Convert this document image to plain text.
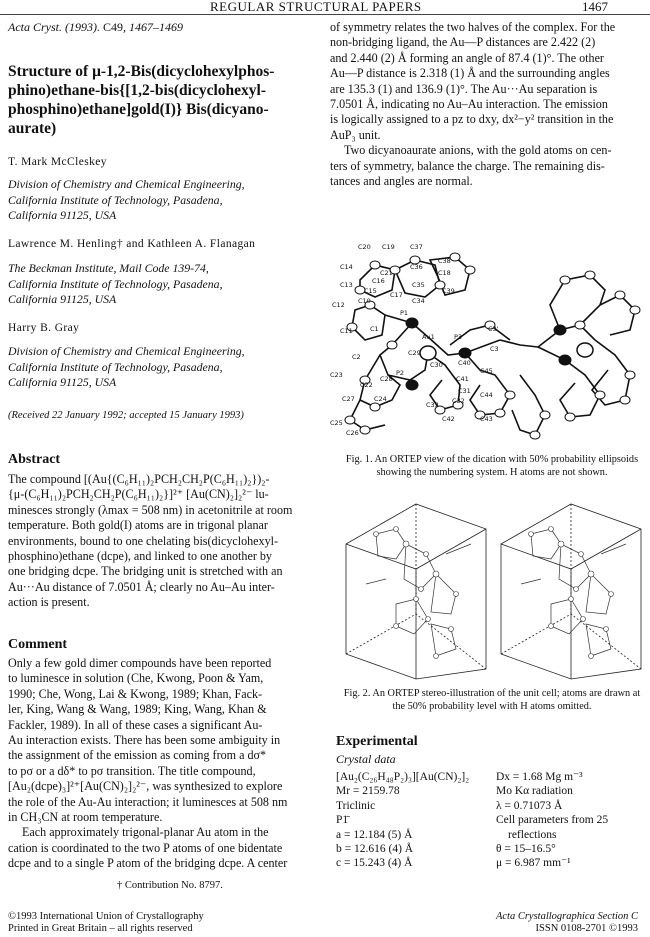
REGULAR STRUCTURAL PAPERS	1467
Acta Cryst. (1993). C49, 1467–1469
Structure of μ-1,2-Bis(dicyclohexylphos-
phino)ethane-bis{[1,2-bis(dicyclohexyl-
phosphino)ethane]gold(I)} Bis(dicyano-
aurate)
T. Mark McCleskey
Division of Chemistry and Chemical Engineering,
California Institute of Technology, Pasadena,
California 91125, USA
Lawrence M. Henling† and Kathleen A. Flanagan
The Beckman Institute, Mail Code 139-74,
California Institute of Technology, Pasadena,
California 91125, USA
Harry B. Gray
Division of Chemistry and Chemical Engineering,
California Institute of Technology, Pasadena,
California 91125, USA
(Received 22 January 1992; accepted 15 January 1993)
Abstract
The compound [(Au{(C₆H₁₁)₂PCH₂CH₂P(C₆H₁₁)₂})₂-
{μ-(C₆H₁₁)₂PCH₂CH₂P(C₆H₁₁)₂}]²⁺ [Au(CN)₂]₂²⁻ lu-
minesces strongly (λmax = 508 nm) in acetonitrile at room
temperature. Both gold(I) atoms are in trigonal planar
environments, bound to one chelating bis(dicyclohexyl-
phosphino)ethane (dcpe), and linked to one another by
one bridging dcpe. The bridging unit is stretched with an
Au···Au distance of 7.0501 Å; clearly no Au–Au inter-
action is present.
Comment
Only a few gold dimer compounds have been reported
to luminesce in solution (Che, Kwong, Poon & Yam,
1990; Che, Wong, Lai & Kwong, 1989; Khan, Fack-
ler, King, Wang & Wang, 1989; King, Wang, Khan &
Fackler, 1989). In all of these cases a significant Au-
Au interaction exists. There has been some ambiguity in
the assignment of the emission as coming from a dσ*
to pσ or a dδ* to pσ transition. The title compound,
[Au₂(dcpe)₃]²⁺[Au(CN)₂]₂²⁻, was synthesized to explore
the role of the Au-Au interaction; it luminesces at 508 nm
in CH₃CN at room temperature.
Each approximately trigonal-planar Au atom in the
cation is coordinated to the two P atoms of one bidentate
dcpe and to a single P atom of the bridging dcpe. A center
of symmetry relates the two halves of the complex. For the
non-bridging ligand, the Au—P distances are 2.422 (2)
and 2.440 (2) Å forming an angle of 87.4 (1)°. The other
Au—P distance is 2.318 (1) Å and the surrounding angles
are 135.3 (1) and 136.9 (1)°. The Au···Au separation is
7.0501 Å, indicating no Au–Au interaction. The emission
is logically assigned to a pz to dxy, dx²−y² transition in the
AuP₃ unit.
Two dicyanoaurate anions, with the gold atoms on cen-
ters of symmetry, balance the charge. The remaining dis-
tances and angles are normal.
C20 C19 C37
C38
C14
C21
C36
C18
C16
C13
C15 C17
C35
C39
C12 C10	C34
P1
C3'
C11	C1
Au1	P3
C3
C2	C29
C30 C40
C23	C28
P2
C41
C45
C22
C31
C24
C27	C32
C33
C44
C25
C26
C42	C43
Fig. 1. An ORTEP view of the dication with 50% probability ellipsoids
showing the numbering system. H atoms are not shown.
Fig. 2. An ORTEP stereo-illustration of the unit cell; atoms are drawn at
the 50% probability level with H atoms omitted.
Experimental
Crystal data
[Au₂(C₂₆H₄₈P₂)₃][Au(CN)₂]₂	Dx = 1.68 Mg m⁻³
Mr = 2159.78	Mo Kα radiation
Triclinic	λ = 0.71073 Å
P1̄	Cell parameters from 25
a = 12.184 (5) Å	reflections
b = 12.616 (4) Å	θ = 15–16.5°
c = 15.243 (4) Å	μ = 6.987 mm⁻¹
† Contribution No. 8797.
©1993 International Union of Crystallography
Printed in Great Britain – all rights reserved
Acta Crystallographica Section C
ISSN 0108-2701 ©1993
